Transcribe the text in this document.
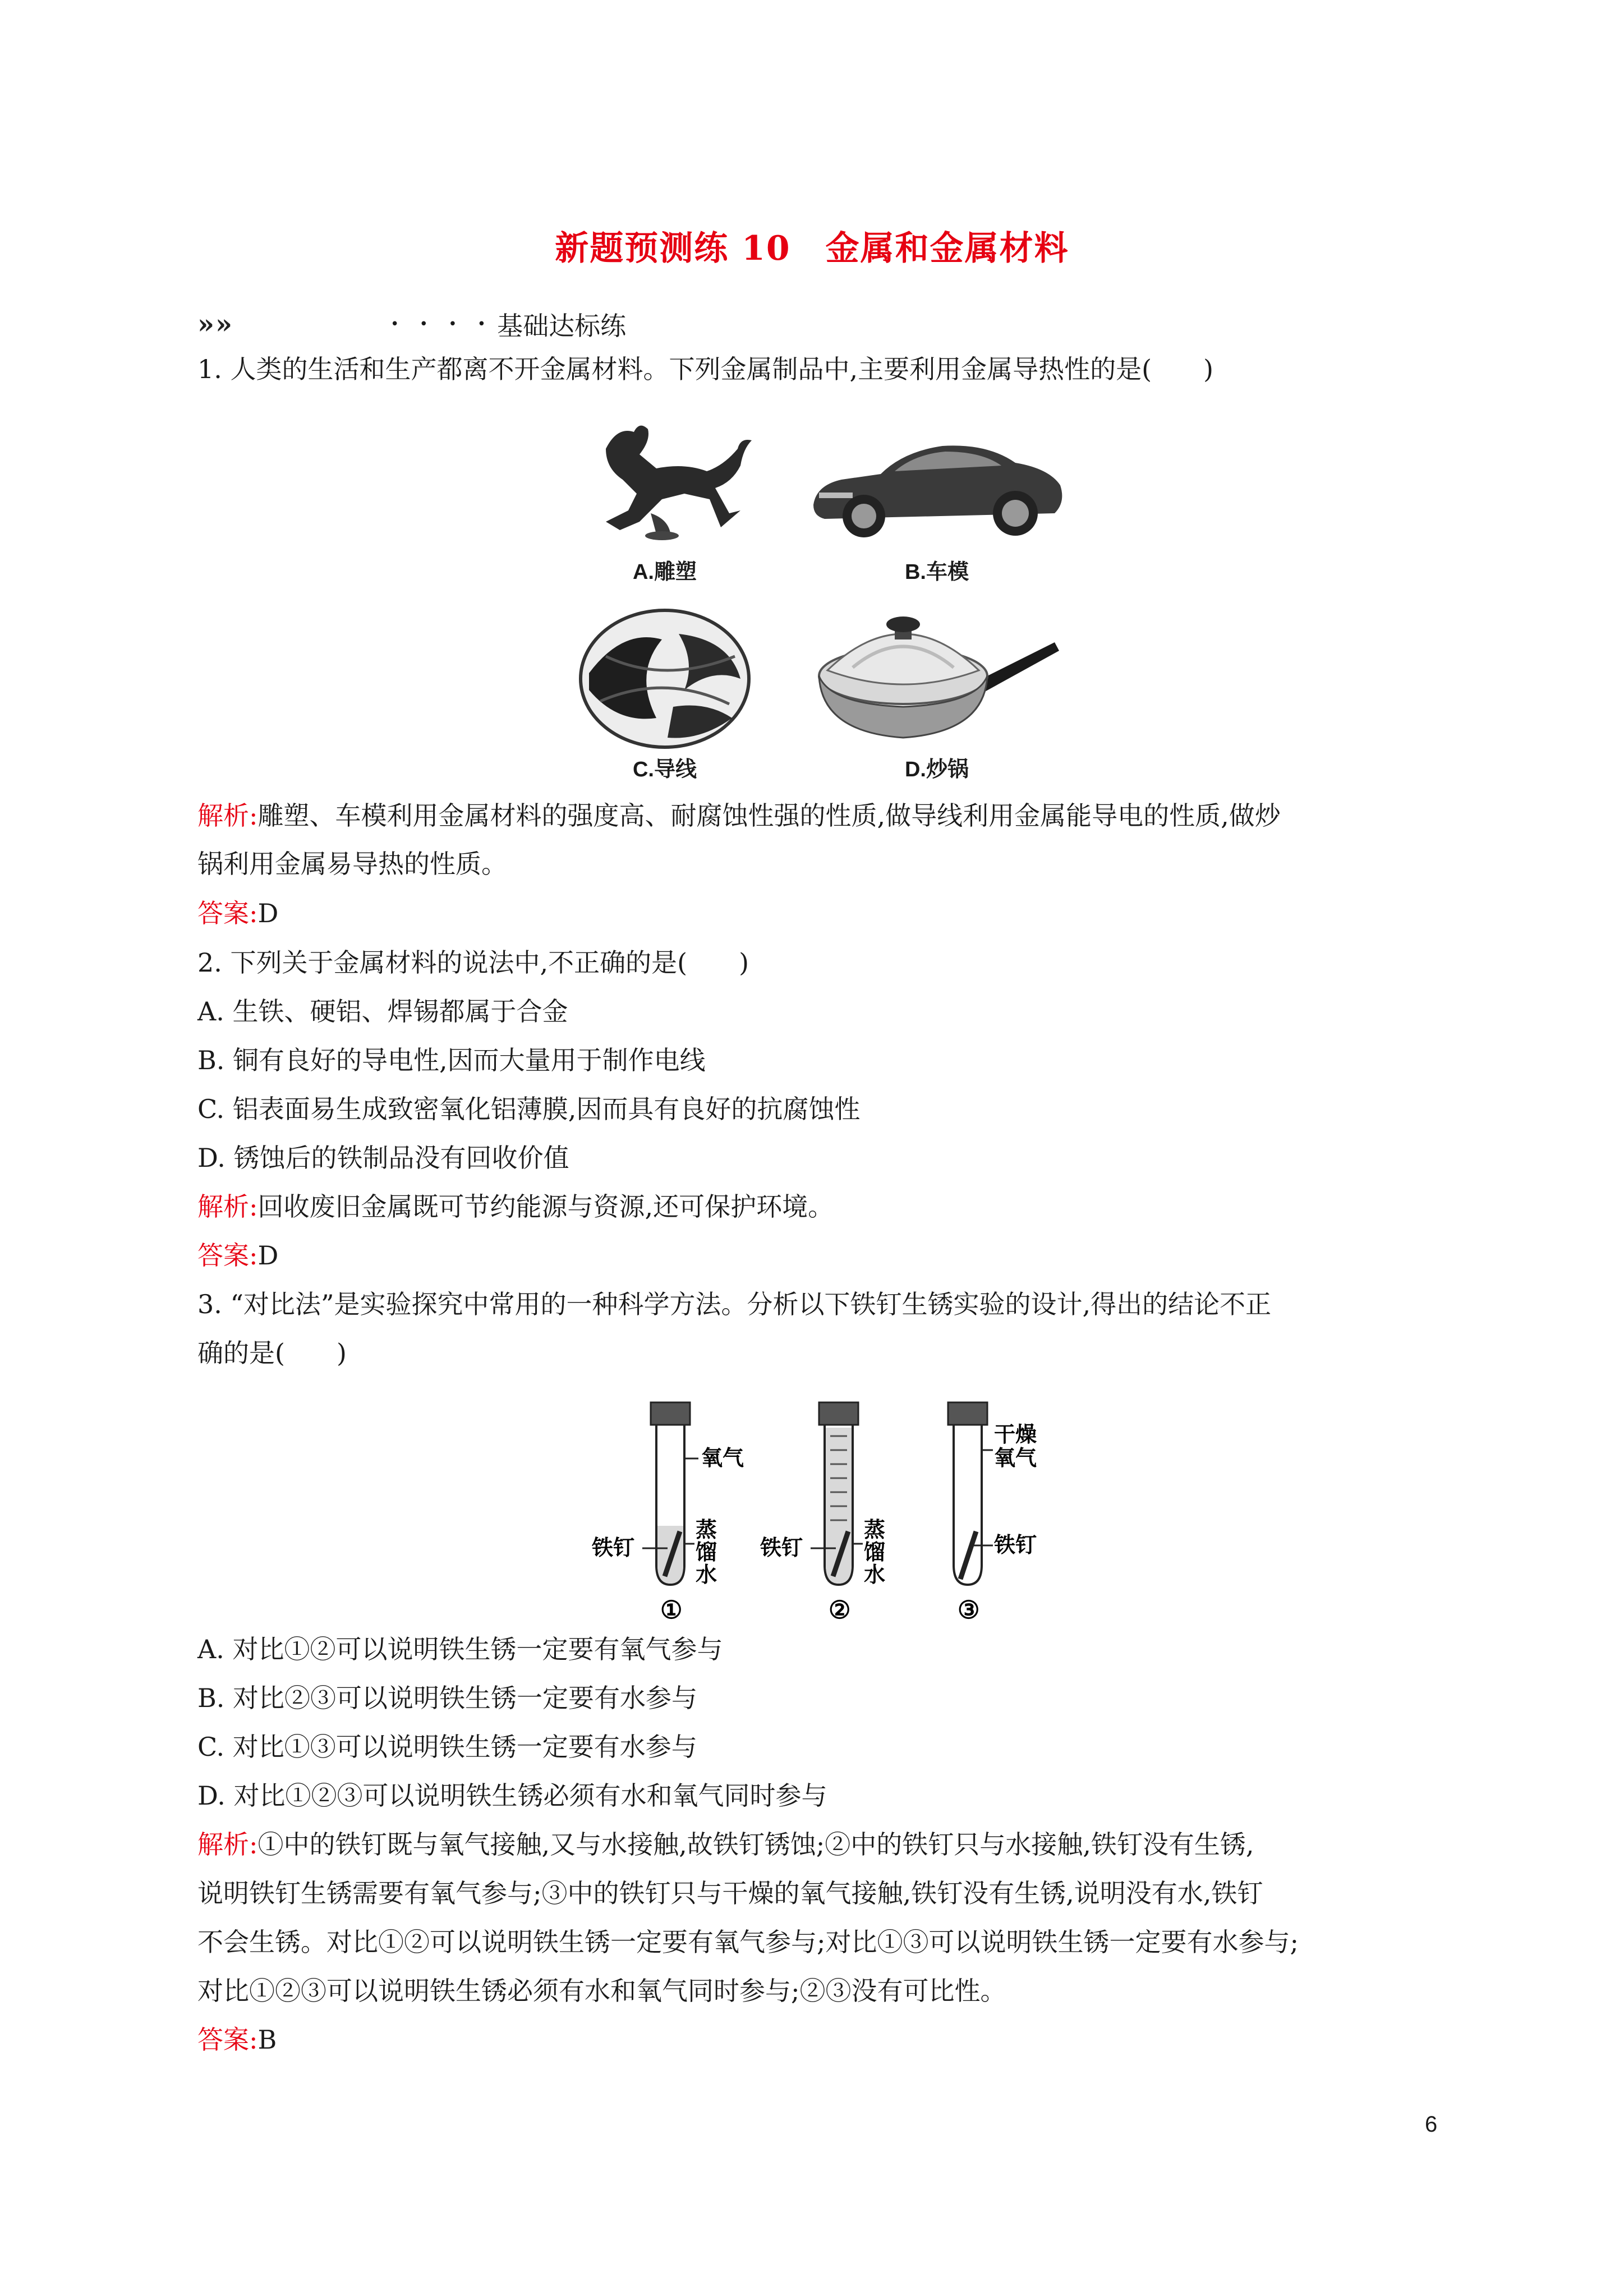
新题预测练 10　金属和金属材料
» »	• • • • 基础达标练
1. 人类的生活和生产都离不开金属材料。下列金属制品中,主要利用金属导热性的是(　　)
A.雕塑	B.车模
C.导线	D.炒锅
解析:雕塑、车模利用金属材料的强度高、耐腐蚀性强的性质,做导线利用金属能导电的性质,做炒
锅利用金属易导热的性质。
答案:D
2. 下列关于金属材料的说法中,不正确的是(　　)
A. 生铁、硬铝、焊锡都属于合金
B. 铜有良好的导电性,因而大量用于制作电线
C. 铝表面易生成致密氧化铝薄膜,因而具有良好的抗腐蚀性
D. 锈蚀后的铁制品没有回收价值
解析:回收废旧金属既可节约能源与资源,还可保护环境。
答案:D
3. “对比法”是实验探究中常用的一种科学方法。分析以下铁钉生锈实验的设计,得出的结论不正
确的是(　　)
氧气
铁钉
蒸
馏
水
①
铁钉
蒸
馏
水
②
干燥
氧气
铁钉
③
A. 对比①②可以说明铁生锈一定要有氧气参与
B. 对比②③可以说明铁生锈一定要有水参与
C. 对比①③可以说明铁生锈一定要有水参与
D. 对比①②③可以说明铁生锈必须有水和氧气同时参与
解析:①中的铁钉既与氧气接触,又与水接触,故铁钉锈蚀;②中的铁钉只与水接触,铁钉没有生锈,
说明铁钉生锈需要有氧气参与;③中的铁钉只与干燥的氧气接触,铁钉没有生锈,说明没有水,铁钉
不会生锈。对比①②可以说明铁生锈一定要有氧气参与;对比①③可以说明铁生锈一定要有水参与;
对比①②③可以说明铁生锈必须有水和氧气同时参与;②③没有可比性。
答案:B
6
